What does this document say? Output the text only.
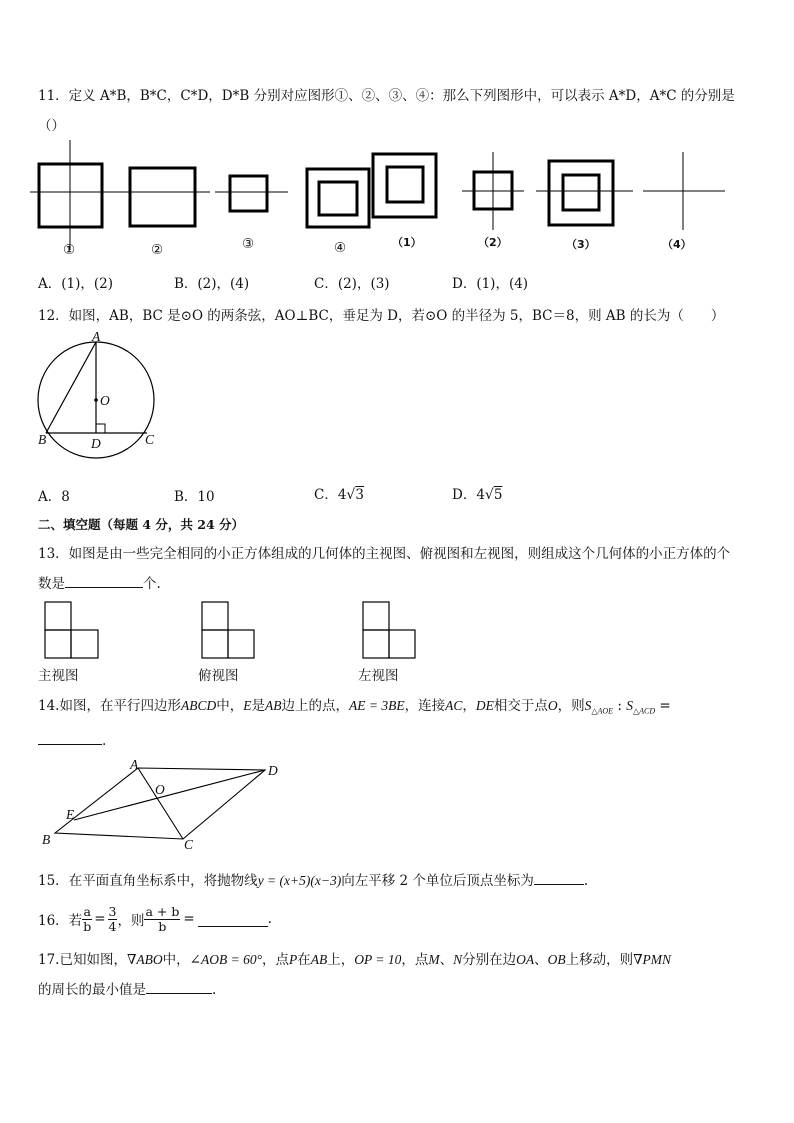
11．定义 A*B，B*C，C*D，D*B 分别对应图形①、②、③、④：那么下列图形中，可以表示 A*D，A*C 的分别是
（）
①	②	③	④	（1）	（2）	（3）	（4）
A．(1)，(2)	B．(2)，(4)	C．(2)，(3)	D．(1)，(4)
12．如图，AB，BC 是⊙O 的两条弦，AO⊥BC，垂足为 D，若⊙O 的半径为 5，BC＝8，则 AB 的长为（　　）
A
O
B	D	C
A．8	B．10	C．4√3	D．4√5
二、填空题（每题 4 分，共 24 分）
13．如图是由一些完全相同的小正方体组成的几何体的主视图、俯视图和左视图，则组成这个几何体的小正方体的个
数是	个.
主视图	俯视图	左视图
14.如图，在平行四边形ABCD中，E是AB边上的点，AE = 3BE，连接AC，DE相交于点O，则$S_{\triangle AOE}$ : $S_{\triangle ACD}$ =
.
A	D
O
E
B	C
15．在平面直角坐标系中，将抛物线y = (x+5)(x−3)向左平移 2 个单位后顶点坐标为	.
16．若 $\frac{a}{b} = \frac{3}{4}$ ，则 $\frac{a + b}{b}$ =	.
17.已知如图，∇ABO中，∠AOB = 60°，点P在AB上，OP = 10，点M、N分别在边OA、OB上移动，则∇PMN
的周长的最小值是	.
